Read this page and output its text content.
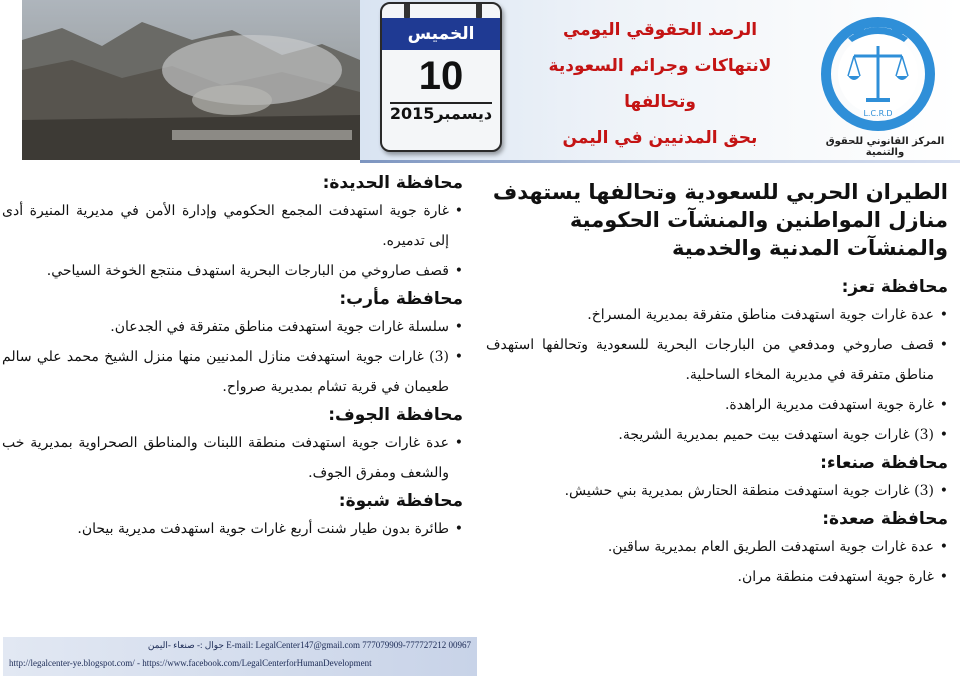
الخميس
10
ديسمبر2015
الرصد الحقوقي اليومي
لانتهاكات وجرائم السعودية وتحالفها
بحق المدنيين في اليمن
L.C.R.D
المركز القانوني للحقوق والتنمية
الطيران الحربي للسعودية وتحالفها يستهدف منازل المواطنين والمنشآت الحكومية والمنشآت المدنية والخدمية
محافظة تعز:
• عدة غارات جوية استهدفت مناطق متفرقة بمديرية المسراخ.
• قصف صاروخي ومدفعي من البارجات البحرية للسعودية وتحالفها استهدف مناطق متفرقة في مديرية المخاء الساحلية.
• غارة جوية استهدفت مديرية الراهدة.
• (3) غارات جوية استهدفت بيت حميم بمديرية الشريجة.
محافظة صنعاء:
• (3) غارات جوية استهدفت منطقة الحتارش بمديرية بني حشيش.
محافظة صعدة:
• عدة غارات جوية استهدفت الطريق العام بمديرية ساقين.
• غارة جوية استهدفت منطقة مران.
محافظة الحديدة:
• غارة جوية استهدفت المجمع الحكومي وإدارة الأمن في مديرية المنيرة أدى إلى تدميره.
• قصف صاروخي من البارجات البحرية استهدف منتجع الخوخة السياحي.
محافظة مأرب:
• سلسلة غارات جوية استهدفت مناطق متفرقة في الجدعان.
• (3) غارات جوية استهدفت منازل المدنيين منها منزل الشيخ محمد علي سالم طعيمان في قرية تشام بمديرية صرواح.
محافظة الجوف:
• عدة غارات جوية استهدفت منطقة اللبنات والمناطق الصحراوية بمديرية خب والشعف ومفرق الجوف.
محافظة شبوة:
• طائرة بدون طيار شنت أربع غارات جوية استهدفت مديرية بيحان.
E-mail: LegalCenter147@gmail.com 777079909-777727212 00967 جوال :- صنعاء -اليمن
http://legalcenter-ye.blogspot.com/ - https://www.facebook.com/LegalCenterforHumanDevelopment
